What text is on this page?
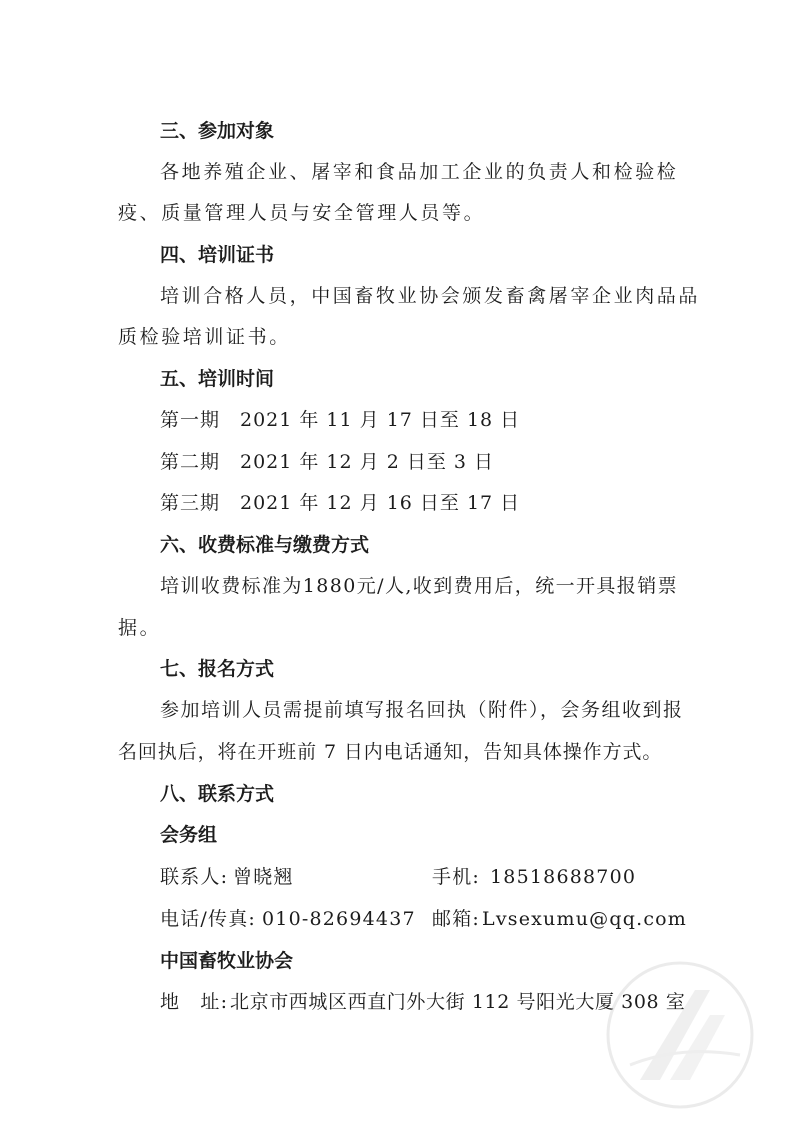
三、参加对象
各地养殖企业、屠宰和食品加工企业的负责人和检验检
疫、质量管理人员与安全管理人员等。
四、培训证书
培训合格人员，中国畜牧业协会颁发畜禽屠宰企业肉品品
质检验培训证书。
五、培训时间
第一期 2021 年 11 月 17 日至 18 日
第二期 2021 年 12 月 2 日至 3 日
第三期 2021 年 12 月 16 日至 17 日
六、收费标准与缴费方式
培训收费标准为1880元/人,收到费用后，统一开具报销票
据。
七、报名方式
参加培训人员需提前填写报名回执（附件），会务组收到报
名回执后，将在开班前 7 日内电话通知，告知具体操作方式。
八、联系方式
会务组
联系人: 曾晓翘	手机: 18518688700
电话/传真: 010-82694437 邮箱: Lvsexumu@qq.com
中国畜牧业协会
地　址: 北京市西城区西直门外大街 112 号阳光大厦 308 室
